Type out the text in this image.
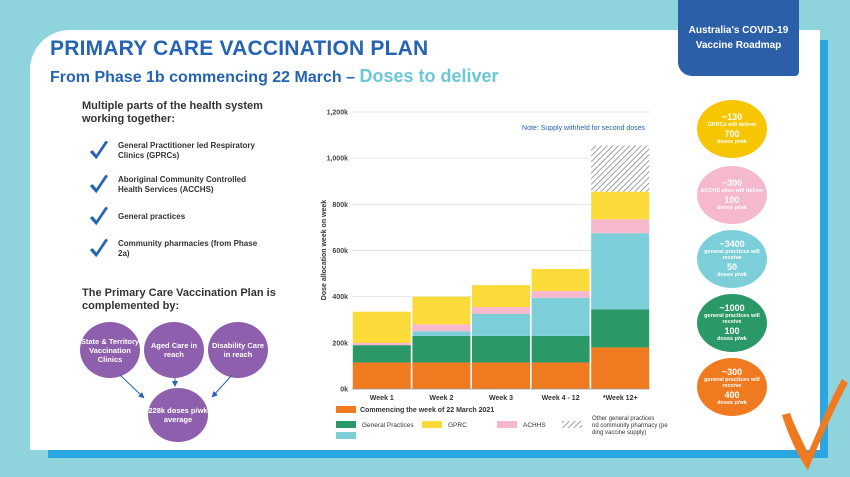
Australia's COVID-19
Vaccine Roadmap
PRIMARY CARE VACCINATION PLAN
From Phase 1b commencing 22 March – Doses to deliver
Multiple parts of the health system working together:
General Practitioner led Respiratory Clinics (GPRCs)
Aboriginal Community Controlled Health Services (ACCHS)
General practices
Community pharmacies (from Phase 2a)
The Primary Care Vaccination Plan is complemented by:
State & Territory Vaccination Clinics
Aged Care in reach
Disability Care in reach
228k doses p/wk average
0k
200k
400k
600k
800k
1,000k
1,200k
Week 1	Week 2	Week 3	Week 4 - 12	*Week 12+
Dose allocation week on week
Note: Supply withheld for second doses
Commencing the week of 22 March 2021
General Practices	GPRC	ACHHS
Other general practices nd community pharmacy (pe ding vaccine supply)
~130
GPRCs will deliver
700
doses p/wk
~300
ACCHS sites will deliver
100
doses p/wk
~3400
general practices will receive
50
doses p/wk
~1000
general practices will receive
100
doses p/wk
~300
general practices will receive
400
doses p/wk
